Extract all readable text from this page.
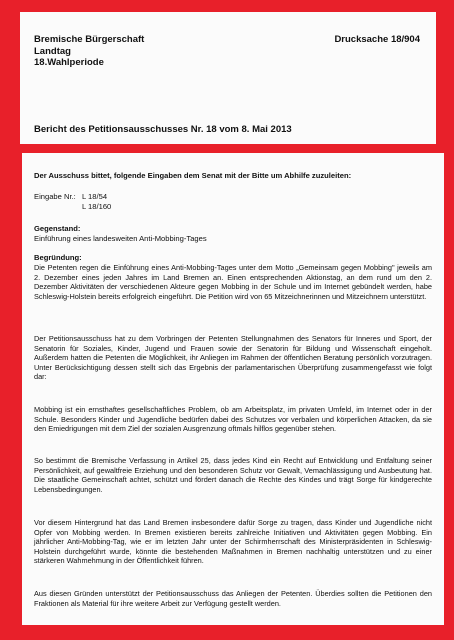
Bremische Bürgerschaft
Landtag
18.Wahlperiode
Drucksache 18/904
Bericht des Petitionsausschusses Nr. 18 vom 8. Mai 2013
Der Ausschuss bittet, folgende Eingaben dem Senat mit der Bitte um Abhilfe zuzuleiten:
Eingabe Nr.: L 18/54
L 18/160
Gegenstand:
Einführung eines landesweiten Anti-Mobbing-Tages
Begründung:
Die Petenten regen die Einführung eines Anti-Mobbing-Tages unter dem Motto „Gemeinsam gegen Mobbing" jeweils am 2. Dezember eines jeden Jahres im Land Bremen an. Einen entsprechenden Aktionstag, an dem rund um den 2. Dezember Aktivitäten der verschiedenen Akteure gegen Mobbing in der Schule und im Internet gebündelt werden, habe Schleswig-Holstein bereits erfolgreich eingeführt. Die Petition wird von 65 Mitzeichnerinnen und Mitzeichnern unterstützt.
Der Petitionsausschuss hat zu dem Vorbringen der Petenten Stellungnahmen des Senators für Inneres und Sport, der Senatorin für Soziales, Kinder, Jugend und Frauen sowie der Senatorin für Bildung und Wissenschaft eingeholt. Außerdem hatten die Petenten die Möglichkeit, ihr Anliegen im Rahmen der öffentlichen Beratung persönlich vorzutragen. Unter Berücksichtigung dessen stellt sich das Ergebnis der parlamentarischen Überprüfung zusammengefasst wie folgt dar:
Mobbing ist ein ernsthaftes gesellschaftliches Problem, ob am Arbeitsplatz, im privaten Umfeld, im Internet oder in der Schule. Besonders Kinder und Jugendliche bedürfen dabei des Schutzes vor verbalen und körperlichen Attacken, da sie den Emiedrigungen mit dem Ziel der sozialen Ausgrenzung oftmals hilflos gegenüber stehen.
So bestimmt die Bremische Verfassung in Artikel 25, dass jedes Kind ein Recht auf Entwicklung und Entfaltung seiner Persönlichkeit, auf gewaltfreie Erziehung und den besonderen Schutz vor Gewalt, Vemachlässigung und Ausbeutung hat. Die staatliche Gemeinschaft achtet, schützt und fördert danach die Rechte des Kindes und trägt Sorge für kindgerechte Lebensbedingungen.
Vor diesem Hintergrund hat das Land Bremen insbesondere dafür Sorge zu tragen, dass Kinder und Jugendliche nicht Opfer von Mobbing werden. In Bremen existieren bereits zahlreiche Initiativen und Aktivitäten gegen Mobbing. Ein jährlicher Anti-Mobbing-Tag, wie er im letzten Jahr unter der Schirmherrschaft des Ministerpräsidenten in Schleswig-Holstein durchgeführt wurde, könnte die bestehenden Maßnahmen in Bremen nachhaltig unterstützen und zu einer stärkeren Wahmehmung in der Öffentlichkeit führen.
Aus diesen Gründen unterstützt der Petitionsausschuss das Anliegen der Petenten. Überdies sollten die Petitionen den Fraktionen als Material für ihre weitere Arbeit zur Verfügung gestellt werden.
